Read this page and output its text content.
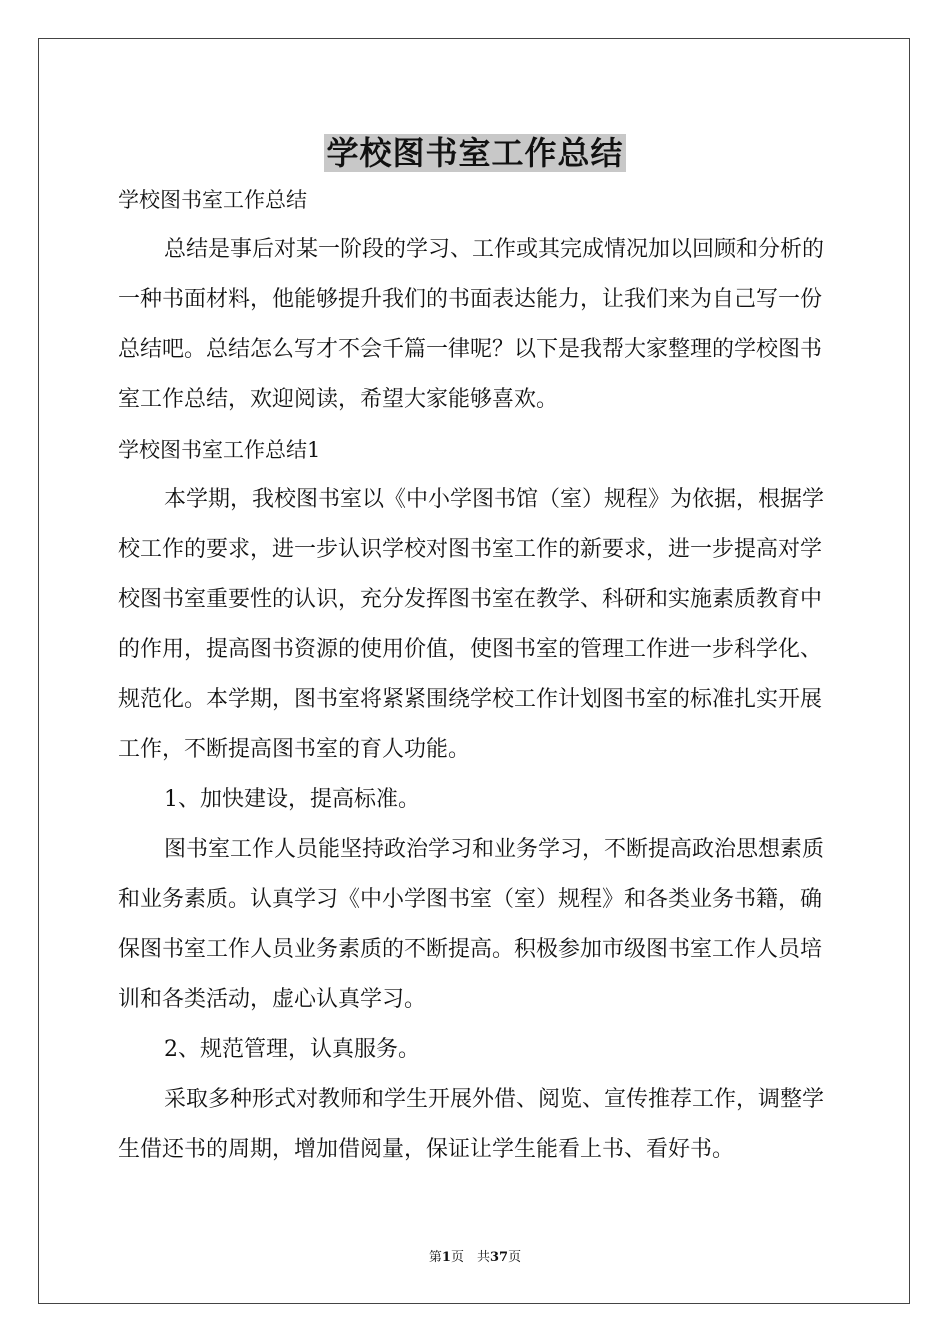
学校图书室工作总结
学校图书室工作总结
总结是事后对某一阶段的学习、工作或其完成情况加以回顾和分析的一种书面材料，他能够提升我们的书面表达能力，让我们来为自己写一份总结吧。总结怎么写才不会千篇一律呢？以下是我帮大家整理的学校图书室工作总结，欢迎阅读，希望大家能够喜欢。
学校图书室工作总结1
本学期，我校图书室以《中小学图书馆（室）规程》为依据，根据学校工作的要求，进一步认识学校对图书室工作的新要求，进一步提高对学校图书室重要性的认识，充分发挥图书室在教学、科研和实施素质教育中的作用，提高图书资源的使用价值，使图书室的管理工作进一步科学化、规范化。本学期，图书室将紧紧围绕学校工作计划图书室的标准扎实开展工作，不断提高图书室的育人功能。
1、加快建设，提高标准。
图书室工作人员能坚持政治学习和业务学习，不断提高政治思想素质和业务素质。认真学习《中小学图书室（室）规程》和各类业务书籍，确保图书室工作人员业务素质的不断提高。积极参加市级图书室工作人员培训和各类活动，虚心认真学习。
2、规范管理，认真服务。
采取多种形式对教师和学生开展外借、阅览、宣传推荐工作，调整学生借还书的周期，增加借阅量，保证让学生能看上书、看好书。
第1页　共37页
